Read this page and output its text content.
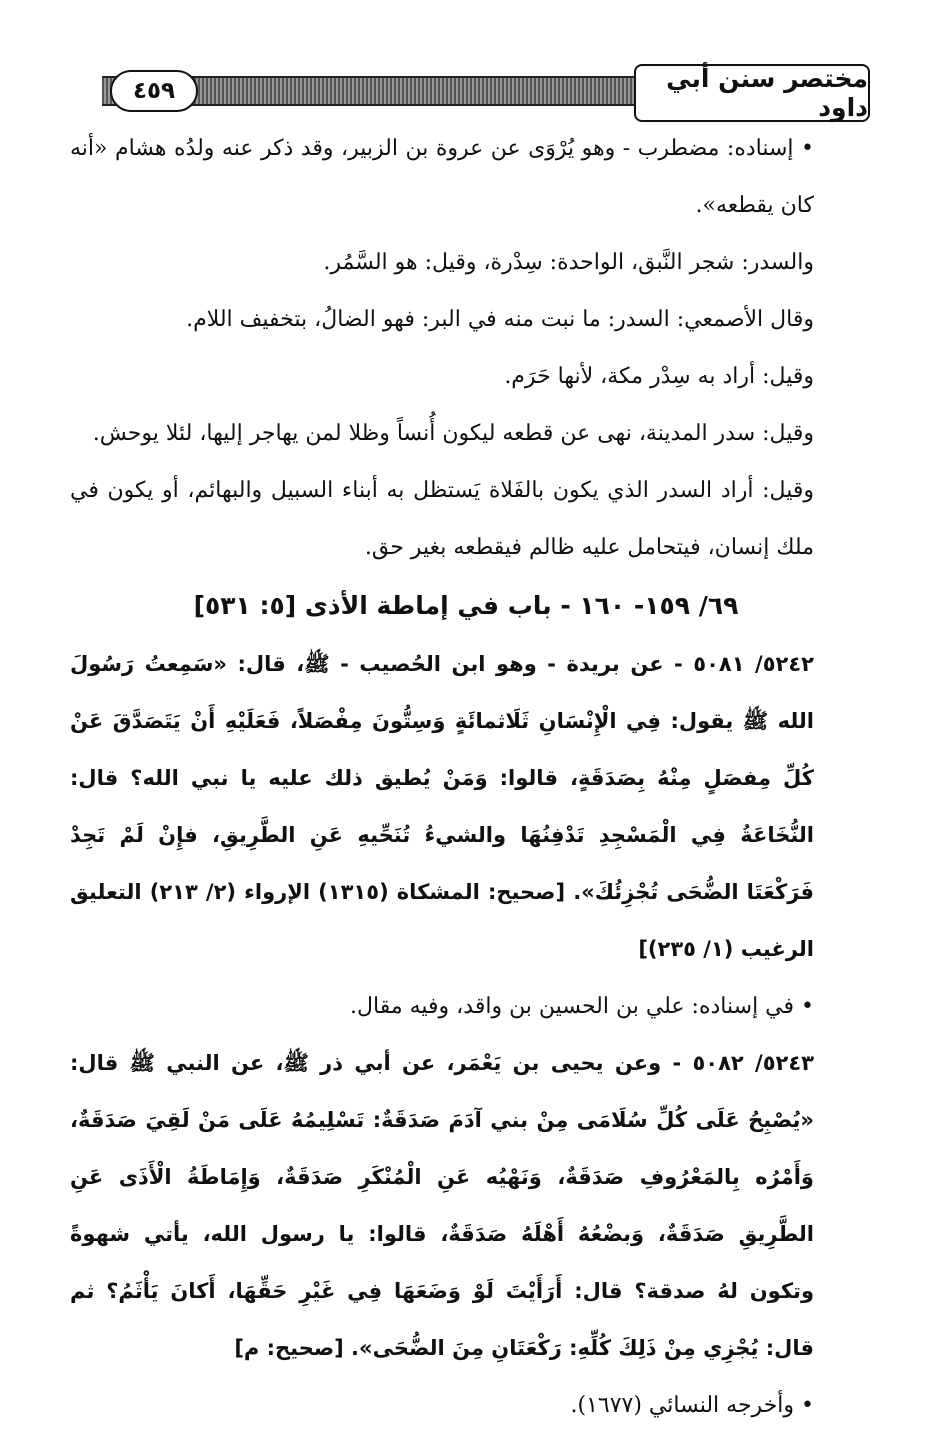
مختصر سنن أبي داود
٤٥٩

• إسناده: مضطرب - وهو يُرْوَى عن عروة بن الزبير، وقد ذكر عنه ولدُه هشام «أنه كان يقطعه».

والسدر: شجر النَّبق، الواحدة: سِدْرة، وقيل: هو السَّمُر.

وقال الأصمعي: السدر: ما نبت منه في البر: فهو الضالُ، بتخفيف اللام.

وقيل: أراد به سِدْر مكة، لأنها حَرَم.

وقيل: سدر المدينة، نهى عن قطعه ليكون أُنساً وظلا لمن يهاجر إليها، لئلا يوحش.

وقيل: أراد السدر الذي يكون بالفَلاة يَستظل به أبناء السبيل والبهائم، أو يكون في ملك إنسان، فيتحامل عليه ظالم فيقطعه بغير حق.

٦٩/ ١٥٩- ١٦٠ - باب في إماطة الأذى [٥: ٥٣١]

٥٢٤٢/ ٥٠٨١ - عن بريدة - وهو ابن الحُصيب - ﷺ، قال: «سَمِعتُ رَسُولَ الله ﷺ يقول: فِي الْإِنْسَانِ ثَلَاثمائَةٍ وَسِتُّونَ مِفْصَلاً، فَعَلَيْهِ أَنْ يَتَصَدَّقَ عَنْ كُلِّ مِفصَلٍ مِنْهُ بِصَدَقَةٍ، قالوا: وَمَنْ يُطيق ذلك عليه يا نبي الله؟ قال: النُّخَاعَةُ فِي الْمَسْجِدِ تَدْفِنُهَا والشيءُ تُنَحِّيهِ عَنِ الطَّرِيقِ، فإِنْ لَمْ تَجِدْ فَرَكْعَتَا الضُّحَى تُجْزِئُكَ». [صحيح: المشكاة (١٣١٥) الإرواء (٢/ ٢١٣) التعليق الرغيب (١/ ٢٣٥)]

• في إسناده: علي بن الحسين بن واقد، وفيه مقال.

٥٢٤٣/ ٥٠٨٢ - وعن يحيى بن يَعْمَر، عن أبي ذر ﷺ، عن النبي ﷺ قال: «يُصْبِحُ عَلَى كُلِّ سُلَامَى مِنْ بني آدَمَ صَدَقَةٌ: تَسْلِيمُهُ عَلَى مَنْ لَقِيَ صَدَقَةٌ، وَأَمْرُه بِالمَعْرُوفِ صَدَقَةٌ، وَنَهْيُه عَنِ الْمُنْكَرِ صَدَقَةٌ، وَإِمَاطَةُ الْأَذَى عَنِ الطَّرِيقِ صَدَقَةٌ، وَبضْعُهُ أَهْلَهُ صَدَقَةٌ، قالوا: يا رسول الله، يأتي شهوةً وتكون لهُ صدقة؟ قال: أَرَأَيْتَ لَوْ وَضَعَهَا فِي غَيْرِ حَقِّهَا، أَكانَ يَأْثَمُ؟ ثم قال: يُجْزِي مِنْ ذَلِكَ كُلِّهِ: رَكْعَتَانِ مِنَ الضُّحَى». [صحيح: م]

• وأخرجه النسائي (١٦٧٧).
